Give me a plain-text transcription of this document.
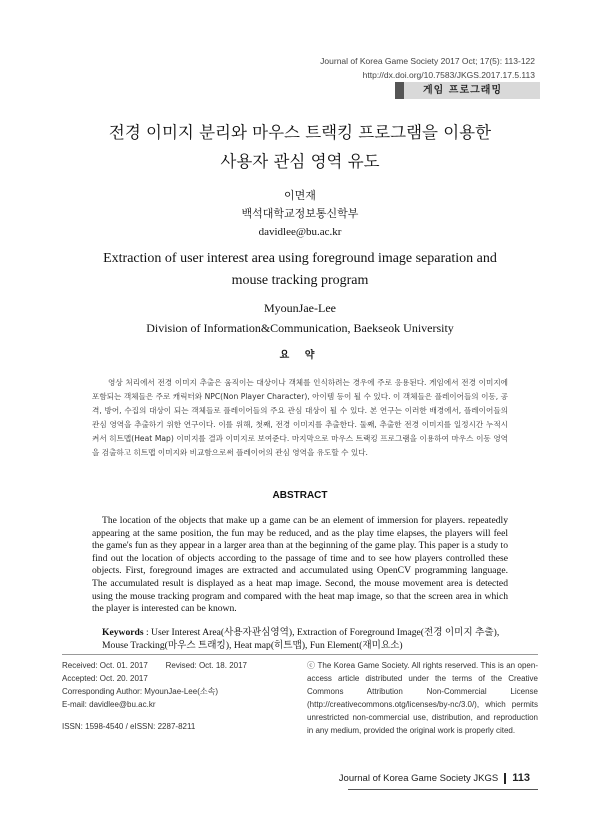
Journal of Korea Game Society 2017 Oct; 17(5): 113-122
http://dx.doi.org/10.7583/JKGS.2017.17.5.113
게임 프로그래밍
전경 이미지 분리와 마우스 트랙킹 프로그램을 이용한
사용자 관심 영역 유도
이면재
백석대학교정보통신학부
davidlee@bu.ac.kr
Extraction of user interest area using foreground image separation and
mouse tracking program
MyounJae-Lee
Division of Information&Communication, Baekseok University
요 약

영상 처리에서 전경 이미지 추출은 움직이는 대상이나 객체를 인식하려는 경우에 주로 응용된다. 게임에서 전경 이미지에 포함되는 객체들은 주로 캐릭터와 NPC(Non Player Character), 아이템 등이 될 수 있다. 이 객체들은 플레이어들의 이동, 공격, 방어, 수집의 대상이 되는 객체들로 플레이어들의 주요 관심 대상이 될 수 있다. 본 연구는 이러한 배경에서, 플레이어들의 관심 영역을 추출하기 위한 연구이다. 이를 위해, 첫째, 전경 이미지를 추출한다. 둘째, 추출한 전경 이미지를 일정시간 누적시켜서 히트맵(Heat Map) 이미지를 결과 이미지로 보여준다. 마지막으로 마우스 트랙킹 프로그램을 이용하여 마우스 이동 영역을 검출하고 히트맵 이미지와 비교함으로써 플레이어의 관심 영역을 유도할 수 있다.

ABSTRACT

The location of the objects that make up a game can be an element of immersion for players. repeatedly appearing at the same position, the fun may be reduced, and as the play time elapses, the players will feel the game's fun as they appear in a larger area than at the beginning of the game play. This paper is a study to find out the location of objects according to the passage of time and to see how players controlled these objects. First, foreground images are extracted and accumulated using OpenCV programming language. The accumulated result is displayed as a heat map image. Second, the mouse movement area is detected using the mouse tracking program and compared with the heat map image, so that the screen area in which the player is interested can be known.

Keywords : User Interest Area(사용자관심영역), Extraction of Foreground Image(전경 이미지 추출), Mouse Tracking(마우스 트래킹), Heat map(히트맵), Fun Element(재미요소)
Received: Oct. 01. 2017 Revised: Oct. 18. 2017
Accepted: Oct. 20. 2017
Corresponding Author: MyounJae-Lee(소속)
E-mail: davidlee@bu.ac.kr
ISSN: 1598-4540 / eISSN: 2287-8211
ⓒ The Korea Game Society. All rights reserved. This is an open-access article distributed under the terms of the Creative Commons Attribution Non-Commercial License (http://creativecommons.otg/licenses/by-nc/3.0/), which permits unrestricted non-commercial use, distribution, and reproduction in any medium, provided the original work is properly cited.
Journal of Korea Game Society JKGS 113
